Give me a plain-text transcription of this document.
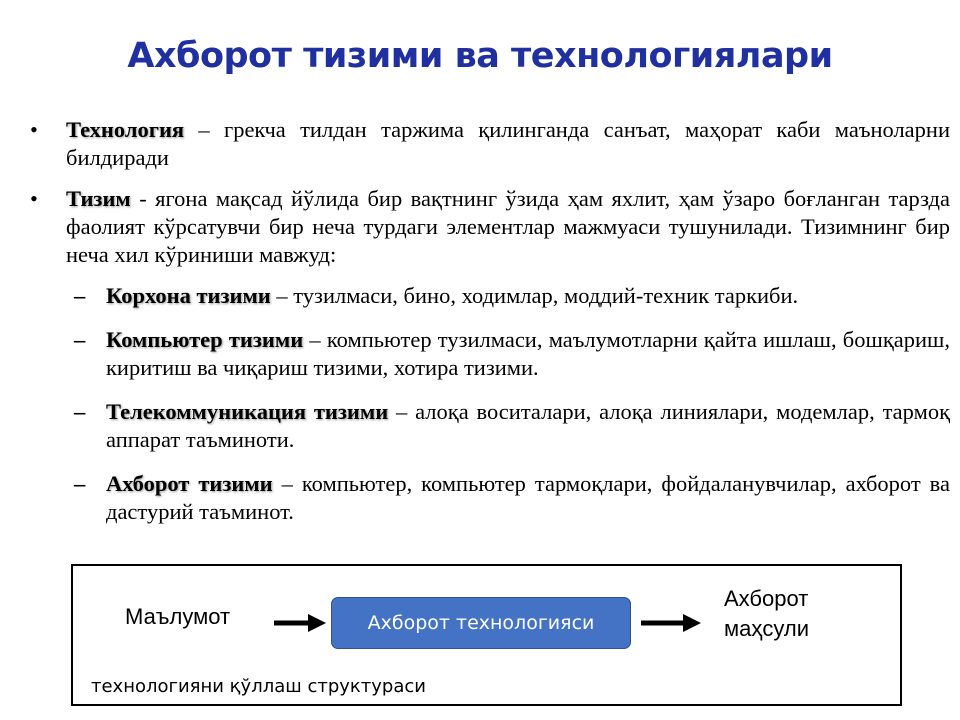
Ахборот тизими ва технологиялари
•	Технология – грекча тилдан таржима қилинганда санъат, маҳорат каби маъноларни билдиради
•	Тизим - ягона мақсад йўлида бир вақтнинг ўзида ҳам яхлит, ҳам ўзаро боғланган тарзда фаолият кўрсатувчи бир неча турдаги элементлар мажмуаси тушунилади. Тизимнинг бир неча хил кўриниши мавжуд:
– Корхона тизими – тузилмаси, бино, ходимлар, моддий-техник таркиби.
– Компьютер тизими – компьютер тузилмаси, маълумотларни қайта ишлаш, бошқариш, киритиш ва чиқариш тизими, хотира тизими.
– Телекоммуникация тизими – алоқа воситалари, алоқа линиялари, модемлар, тармоқ аппарат таъминоти.
– Ахборот тизими – компьютер, компьютер тармоқлари, фойдаланувчилар, ахборот ва дастурий таъминот.
Маълумот	Ахборот технологияси
Ахборот
маҳсули
технологияни қўллаш структураси
